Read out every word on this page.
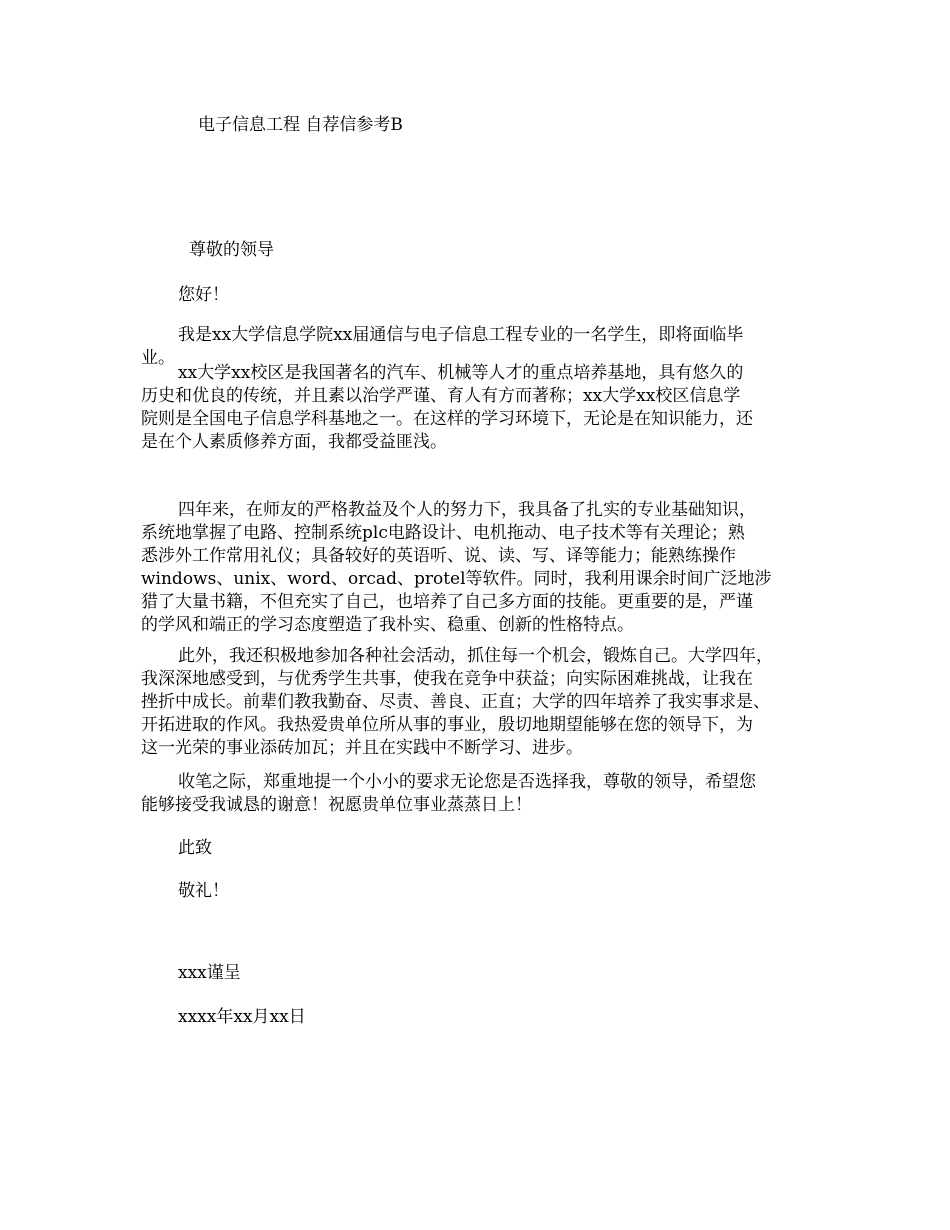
电子信息工程 自荐信参考B
尊敬的领导
您好！
我是xx大学信息学院xx届通信与电子信息工程专业的一名学生，即将面临毕
业。
xx大学xx校区是我国著名的汽车、机械等人才的重点培养基地，具有悠久的
历史和优良的传统，并且素以治学严谨、育人有方而著称；xx大学xx校区信息学
院则是全国电子信息学科基地之一。在这样的学习环境下，无论是在知识能力，还
是在个人素质修养方面，我都受益匪浅。
四年来，在师友的严格教益及个人的努力下，我具备了扎实的专业基础知识，
系统地掌握了电路、控制系统plc电路设计、电机拖动、电子技术等有关理论；熟
悉涉外工作常用礼仪；具备较好的英语听、说、读、写、译等能力；能熟练操作
windows、unix、word、orcad、protel等软件。同时，我利用课余时间广泛地涉
猎了大量书籍，不但充实了自己，也培养了自己多方面的技能。更重要的是，严谨
的学风和端正的学习态度塑造了我朴实、稳重、创新的性格特点。
此外，我还积极地参加各种社会活动，抓住每一个机会，锻炼自己。大学四年，
我深深地感受到，与优秀学生共事，使我在竞争中获益；向实际困难挑战，让我在
挫折中成长。前辈们教我勤奋、尽责、善良、正直；大学的四年培养了我实事求是、
开拓进取的作风。我热爱贵单位所从事的事业，殷切地期望能够在您的领导下，为
这一光荣的事业添砖加瓦；并且在实践中不断学习、进步。
收笔之际，郑重地提一个小小的要求无论您是否选择我，尊敬的领导，希望您
能够接受我诚恳的谢意！祝愿贵单位事业蒸蒸日上！
此致
敬礼！
xxx谨呈
xxxx年xx月xx日
